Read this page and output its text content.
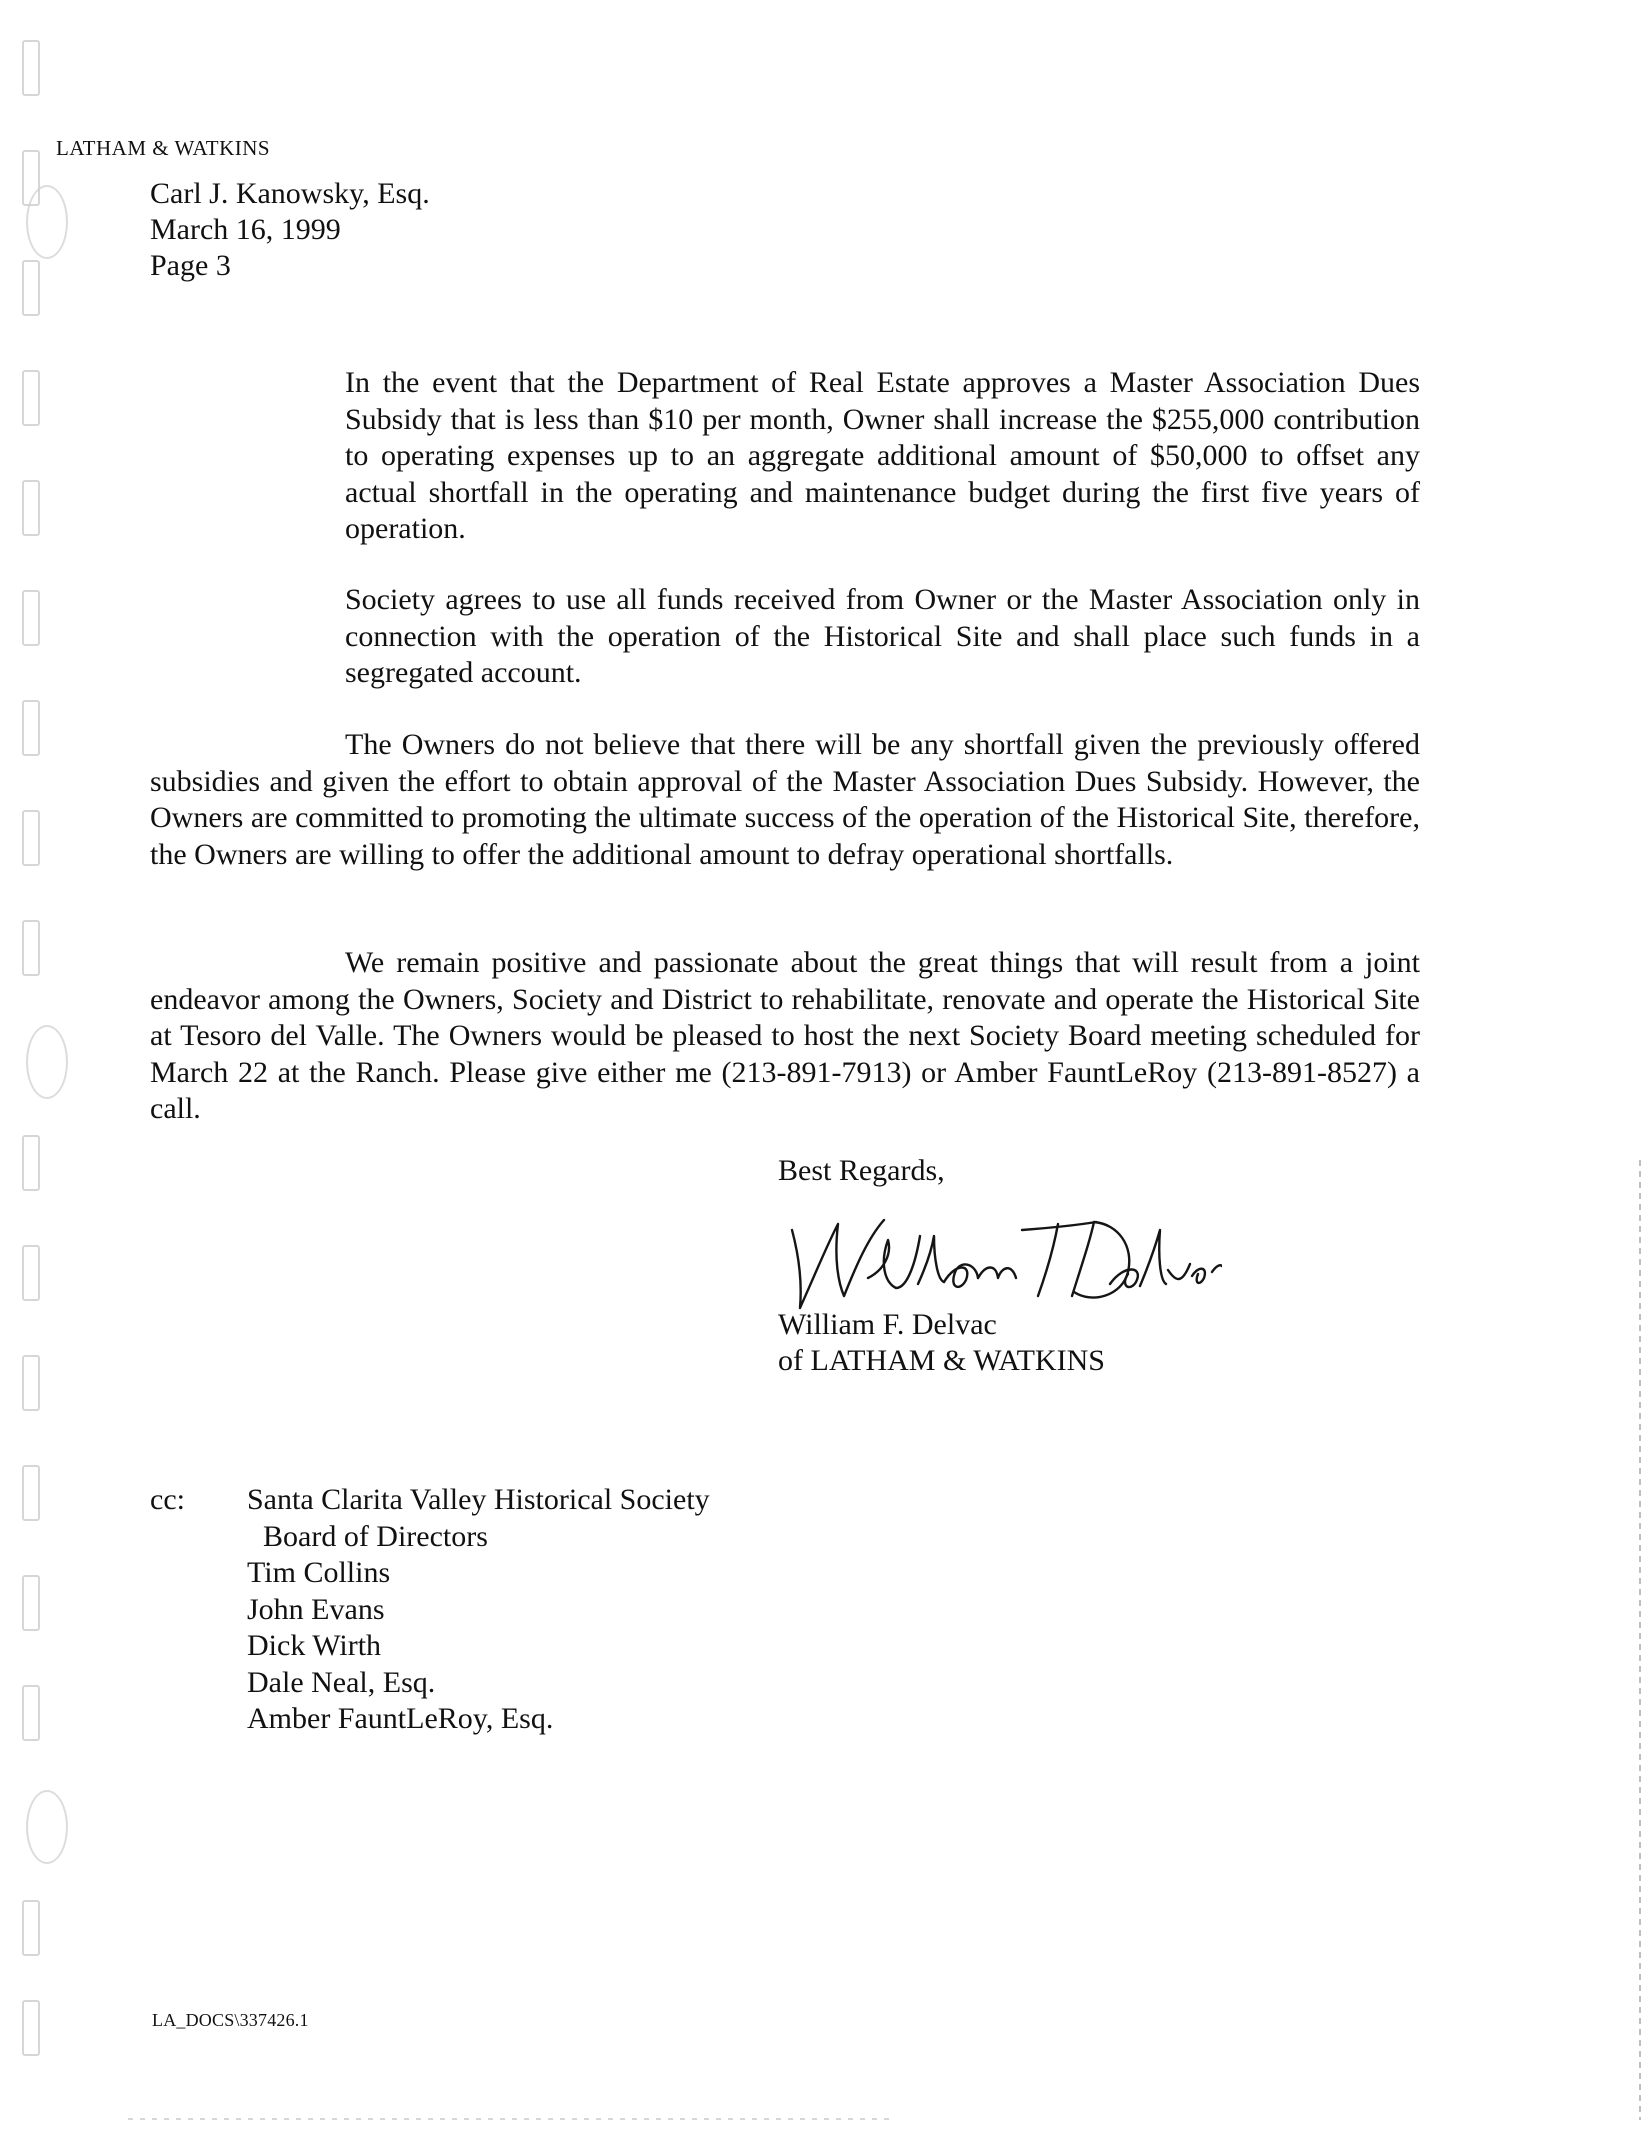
LATHAM & WATKINS
Carl J. Kanowsky, Esq.
March 16, 1999
Page 3
In the event that the Department of Real Estate approves a Master Association Dues Subsidy that is less than $10 per month, Owner shall increase the $255,000 contribution to operating expenses up to an aggregate additional amount of $50,000 to offset any actual shortfall in the operating and maintenance budget during the first five years of operation.
Society agrees to use all funds received from Owner or the Master Association only in connection with the operation of the Historical Site and shall place such funds in a segregated account.
The Owners do not believe that there will be any shortfall given the previously offered subsidies and given the effort to obtain approval of the Master Association Dues Subsidy. However, the Owners are committed to promoting the ultimate success of the operation of the Historical Site, therefore, the Owners are willing to offer the additional amount to defray operational shortfalls.
We remain positive and passionate about the great things that will result from a joint endeavor among the Owners, Society and District to rehabilitate, renovate and operate the Historical Site at Tesoro del Valle. The Owners would be pleased to host the next Society Board meeting scheduled for March 22 at the Ranch. Please give either me (213-891-7913) or Amber FauntLeRoy (213-891-8527) a call.
Best Regards,
William F. Delvac
of LATHAM & WATKINS
cc: Santa Clarita Valley Historical Society
Board of Directors
Tim Collins
John Evans
Dick Wirth
Dale Neal, Esq.
Amber FauntLeRoy, Esq.
LA_DOCS\337426.1
